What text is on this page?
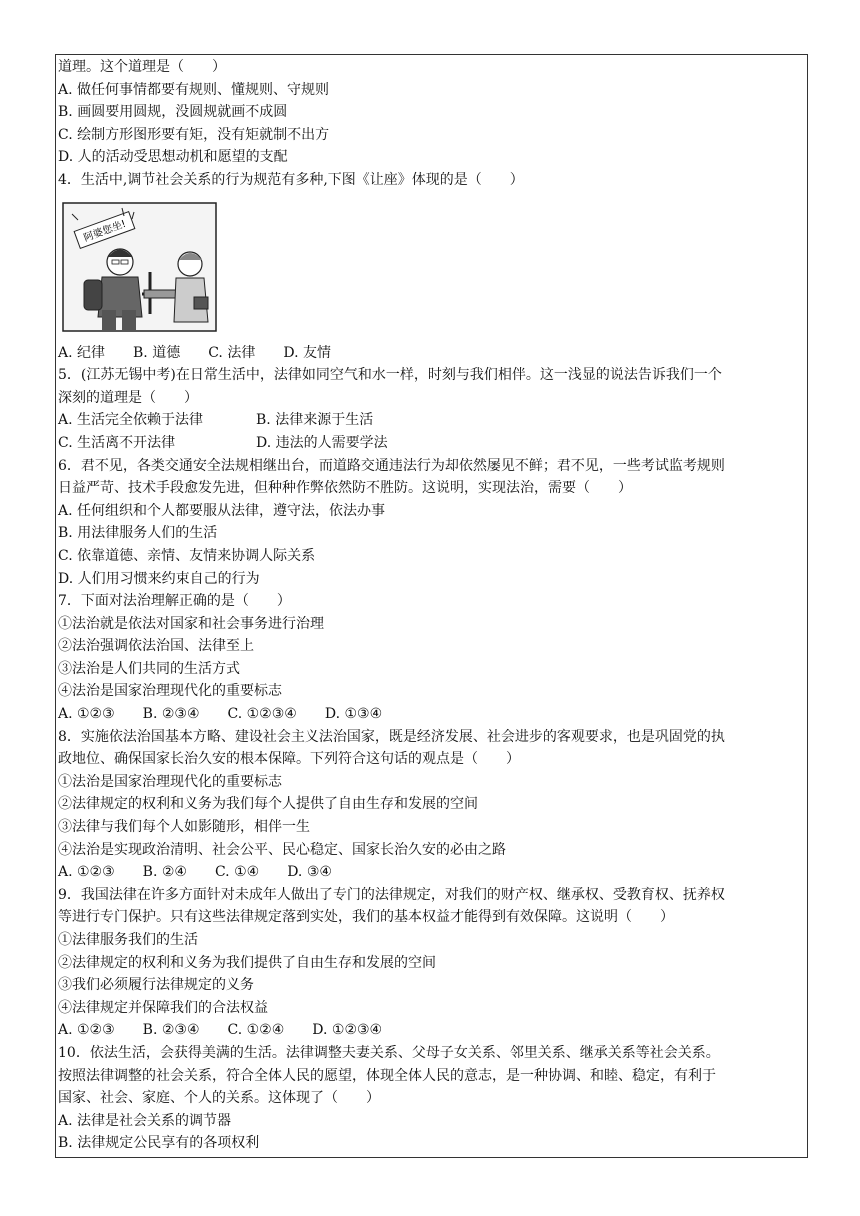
道理。这个道理是（　　）
A. 做任何事情都要有规则、懂规则、守规则
B. 画圆要用圆规，没圆规就画不成圆
C. 绘制方形图形要有矩，没有矩就制不出方
D. 人的活动受思想动机和愿望的支配
4．生活中,调节社会关系的行为规范有多种,下图《让座》体现的是（　　）
阿婆您坐!
A. 纪律 B. 道德 C. 法律 D. 友情
5．(江苏无锡中考)在日常生活中，法律如同空气和水一样，时刻与我们相伴。这一浅显的说法告诉我们一个
深刻的道理是（　　）
A. 生活完全依赖于法律	B. 法律来源于生活
C. 生活离不开法律	D. 违法的人需要学法
6．君不见，各类交通安全法规相继出台，而道路交通违法行为却依然屡见不鲜；君不见，一些考试监考规则
日益严苛、技术手段愈发先进，但种种作弊依然防不胜防。这说明，实现法治，需要（　　）
A. 任何组织和个人都要服从法律，遵守法，依法办事
B. 用法律服务人们的生活
C. 依靠道德、亲情、友情来协调人际关系
D. 人们用习惯来约束自己的行为
7．下面对法治理解正确的是（　　）
①法治就是依法对国家和社会事务进行治理
②法治强调依法治国、法律至上
③法治是人们共同的生活方式
④法治是国家治理现代化的重要标志
A. ①②③ B. ②③④ C. ①②③④ D. ①③④
8．实施依法治国基本方略、建设社会主义法治国家，既是经济发展、社会进步的客观要求，也是巩固党的执
政地位、确保国家长治久安的根本保障。下列符合这句话的观点是（　　）
①法治是国家治理现代化的重要标志
②法律规定的权利和义务为我们每个人提供了自由生存和发展的空间
③法律与我们每个人如影随形，相伴一生
④法治是实现政治清明、社会公平、民心稳定、国家长治久安的必由之路
A. ①②③ B. ②④ C. ①④ D. ③④
9．我国法律在许多方面针对未成年人做出了专门的法律规定，对我们的财产权、继承权、受教育权、抚养权
等进行专门保护。只有这些法律规定落到实处，我们的基本权益才能得到有效保障。这说明（　　）
①法律服务我们的生活
②法律规定的权利和义务为我们提供了自由生存和发展的空间
③我们必须履行法律规定的义务
④法律规定并保障我们的合法权益
A. ①②③ B. ②③④ C. ①②④ D. ①②③④
10．依法生活，会获得美满的生活。法律调整夫妻关系、父母子女关系、邻里关系、继承关系等社会关系。
按照法律调整的社会关系，符合全体人民的愿望，体现全体人民的意志，是一种协调、和睦、稳定，有利于
国家、社会、家庭、个人的关系。这体现了（　　）
A. 法律是社会关系的调节器
B. 法律规定公民享有的各项权利
